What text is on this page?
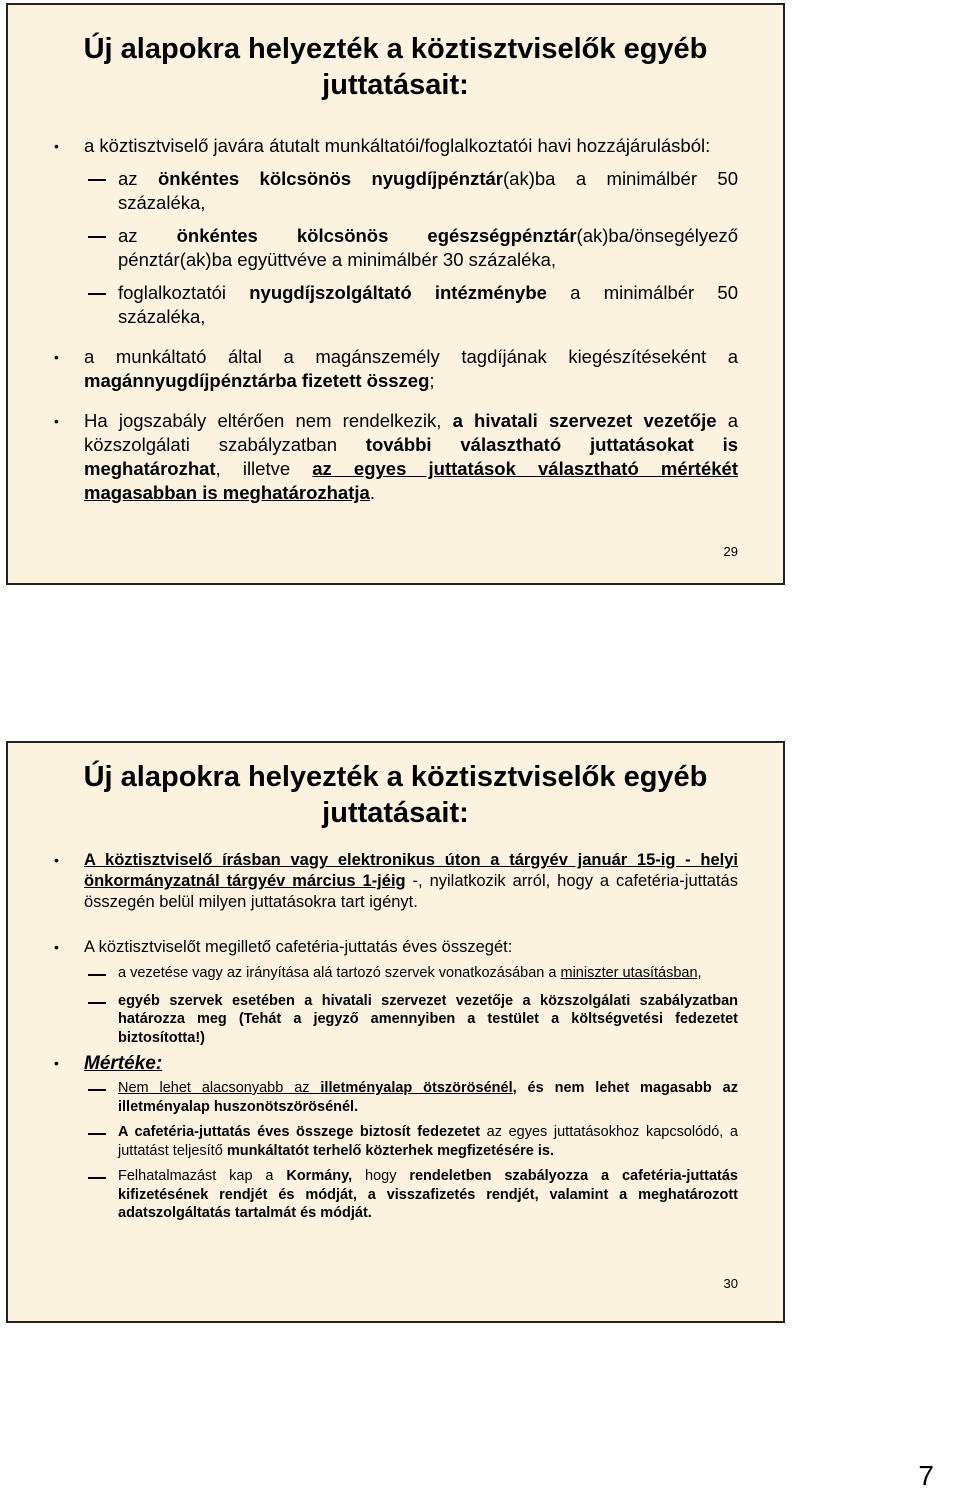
Új alapokra helyezték a köztisztviselők egyéb
juttatásait:
• a köztisztviselő javára átutalt munkáltatói/foglalkoztatói havi hozzájárulásból:
az önkéntes kölcsönös nyugdíjpénztár(ak)ba a minimálbér 50 százaléka,
az önkéntes kölcsönös egészségpénztár(ak)ba/önsegélyező pénztár(ak)ba együttvéve a minimálbér 30 százaléka,
foglalkoztatói nyugdíjszolgáltató intézménybe a minimálbér 50 százaléka,
• a munkáltató által a magánszemély tagdíjának kiegészítéseként a magánnyugdíjpénztárba fizetett összeg;
• Ha jogszabály eltérően nem rendelkezik, a hivatali szervezet vezetője a közszolgálati szabályzatban további választható juttatásokat is meghatározhat, illetve az egyes juttatások választható mértékét magasabban is meghatározhatja.
29
Új alapokra helyezték a köztisztviselők egyéb
juttatásait:
• A köztisztviselő írásban vagy elektronikus úton a tárgyév január 15-ig - helyi önkormányzatnál tárgyév március 1-jéig -, nyilatkozik arról, hogy a cafetéria-juttatás összegén belül milyen juttatásokra tart igényt.
• A köztisztviselőt megillető cafetéria-juttatás éves összegét:
a vezetése vagy az irányítása alá tartozó szervek vonatkozásában a miniszter utasításban,
egyéb szervek esetében a hivatali szervezet vezetője a közszolgálati szabályzatban határozza meg (Tehát a jegyző amennyiben a testület a költségvetési fedezetet biztosította!)
• Mértéke:
Nem lehet alacsonyabb az illetményalap ötszörösénél, és nem lehet magasabb az illetményalap huszonötszörösénél.
A cafetéria-juttatás éves összege biztosít fedezetet az egyes juttatásokhoz kapcsolódó, a juttatást teljesítő munkáltatót terhelő közterhek megfizetésére is.
Felhatalmazást kap a Kormány, hogy rendeletben szabályozza a cafetéria-juttatás kifizetésének rendjét és módját, a visszafizetés rendjét, valamint a meghatározott adatszolgáltatás tartalmát és módját.
30
7
